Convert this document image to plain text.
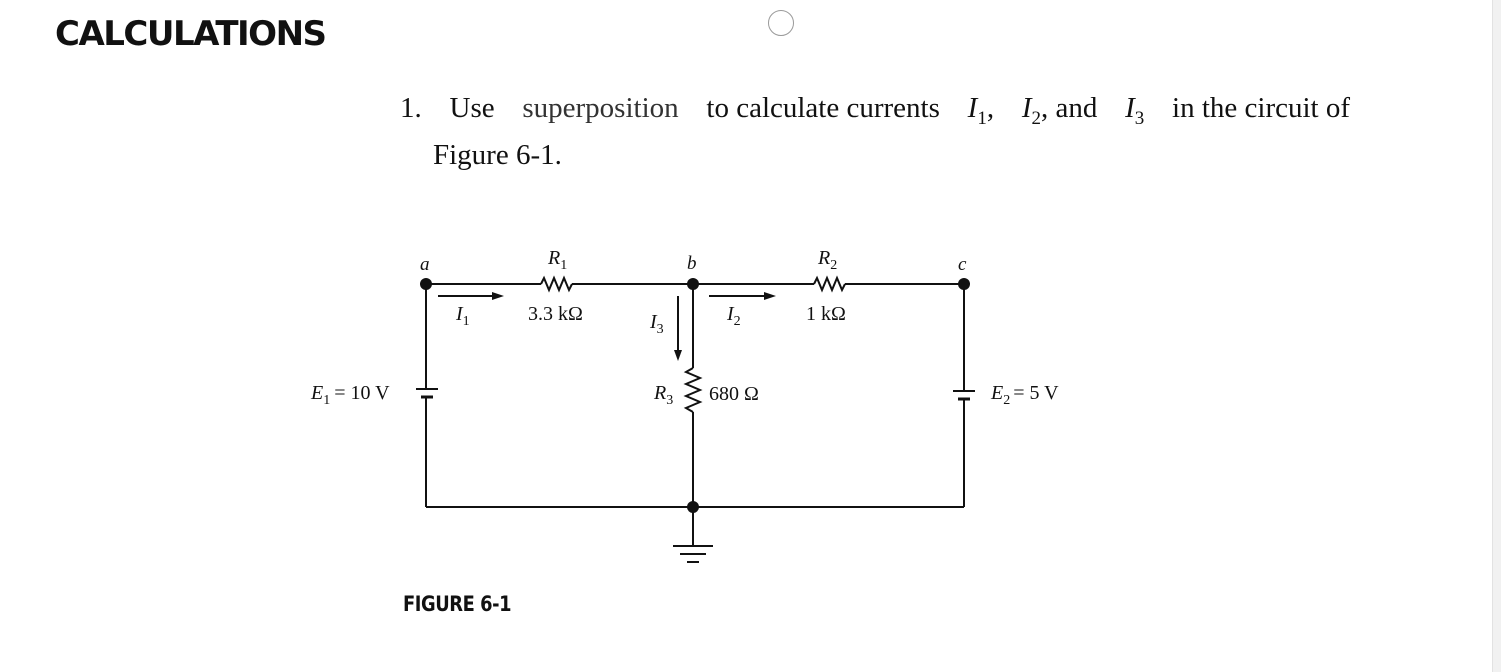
CALCULATIONS
1. Use superposition to calculate currents $I_1$, $I_2$, and $I_3$ in the circuit of
Figure 6-1.
a	b	c
$R_1$
3.3 kΩ
$R_2$
1 kΩ
$R_3$ 680 Ω
$I_1$	$I_2$
$I_3$
$E_1 = 10$ V	$E_2 = 5$ V
FIGURE 6-1
